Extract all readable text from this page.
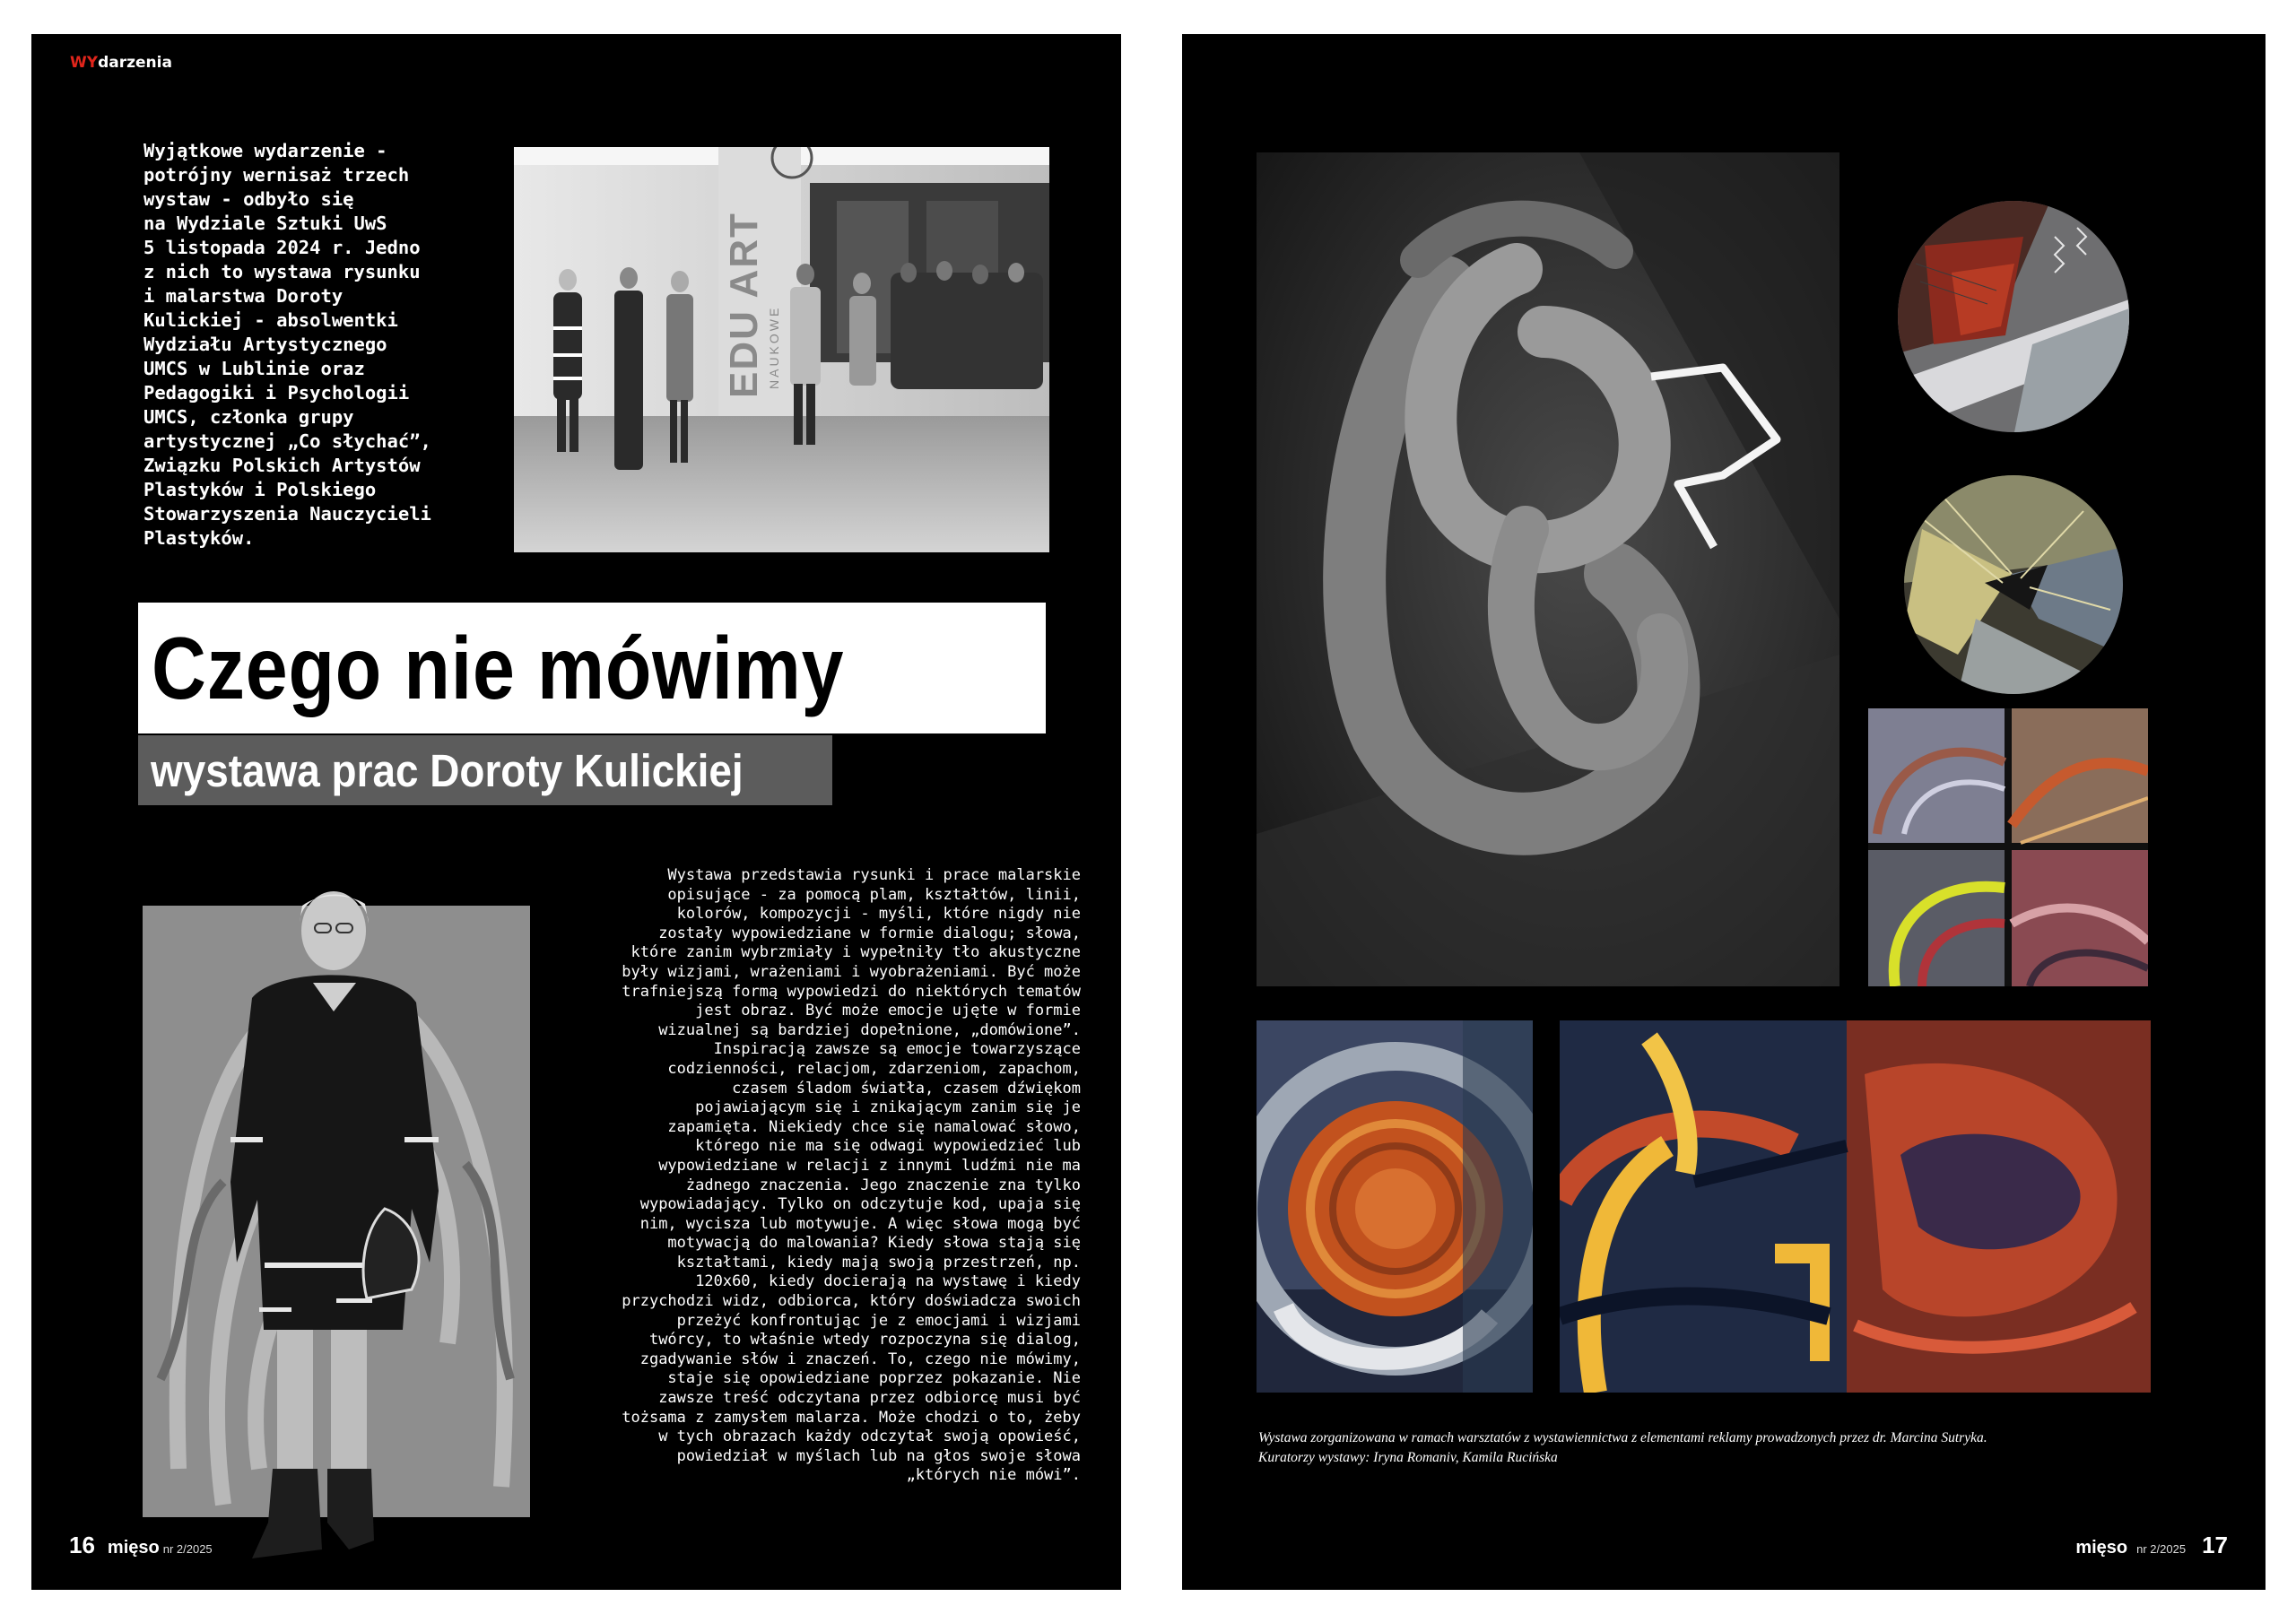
WYdarzenia

Wyjątkowe wydarzenie -
potrójny wernisaż trzech
wystaw - odbyło się
na Wydziale Sztuki UwS
5 listopada 2024 r. Jedno
z nich to wystawa rysunku
i malarstwa Doroty
Kulickiej - absolwentki
Wydziału Artystycznego
UMCS w Lublinie oraz
Pedagogiki i Psychologii
UMCS, członka grupy
artystycznej „Co słychać”,
Związku Polskich Artystów
Plastyków i Polskiego
Stowarzyszenia Nauczycieli
Plastyków.

EDU ART NAUKOWE
Czego nie mówimy
wystawa prac Doroty Kulickiej

Wystawa przedstawia rysunki i prace malarskie
opisujące - za pomocą plam, kształtów, linii,
kolorów, kompozycji - myśli, które nigdy nie
zostały wypowiedziane w formie dialogu; słowa,
które zanim wybrzmiały i wypełniły tło akustyczne
były wizjami, wrażeniami i wyobrażeniami. Być może
trafniejszą formą wypowiedzi do niektórych tematów
jest obraz. Być może emocje ujęte w formie
wizualnej są bardziej dopełnione, „domówione”.
Inspiracją zawsze są emocje towarzyszące
codzienności, relacjom, zdarzeniom, zapachom,
czasem śladom światła, czasem dźwiękom
pojawiającym się i znikającym zanim się je
zapamięta. Niekiedy chce się namalować słowo,
którego nie ma się odwagi wypowiedzieć lub
wypowiedziane w relacji z innymi ludźmi nie ma
żadnego znaczenia. Jego znaczenie zna tylko
wypowiadający. Tylko on odczytuje kod, upaja się
nim, wycisza lub motywuje. A więc słowa mogą być
motywacją do malowania? Kiedy słowa stają się
kształtami, kiedy mają swoją przestrzeń, np.
120x60, kiedy docierają na wystawę i kiedy
przychodzi widz, odbiorca, który doświadcza swoich
przeżyć konfrontując je z emocjami i wizjami
twórcy, to właśnie wtedy rozpoczyna się dialog,
zgadywanie słów i znaczeń. To, czego nie mówimy,
staje się opowiedziane poprzez pokazanie. Nie
zawsze treść odczytana przez odbiorcę musi być
tożsama z zamysłem malarza. Może chodzi o to, żeby
w tych obrazach każdy odczytał swoją opowieść,
powiedział w myślach lub na głos swoje słowa
„których nie mówi”.

16 mięso nr 2/2025

Wystawa zorganizowana w ramach warsztatów z wystawiennictwa z elementami reklamy prowadzonych przez dr. Marcina Sutryka.
Kuratorzy wystawy: Iryna Romaniv, Kamila Rucińska

mięso nr 2/2025 17
